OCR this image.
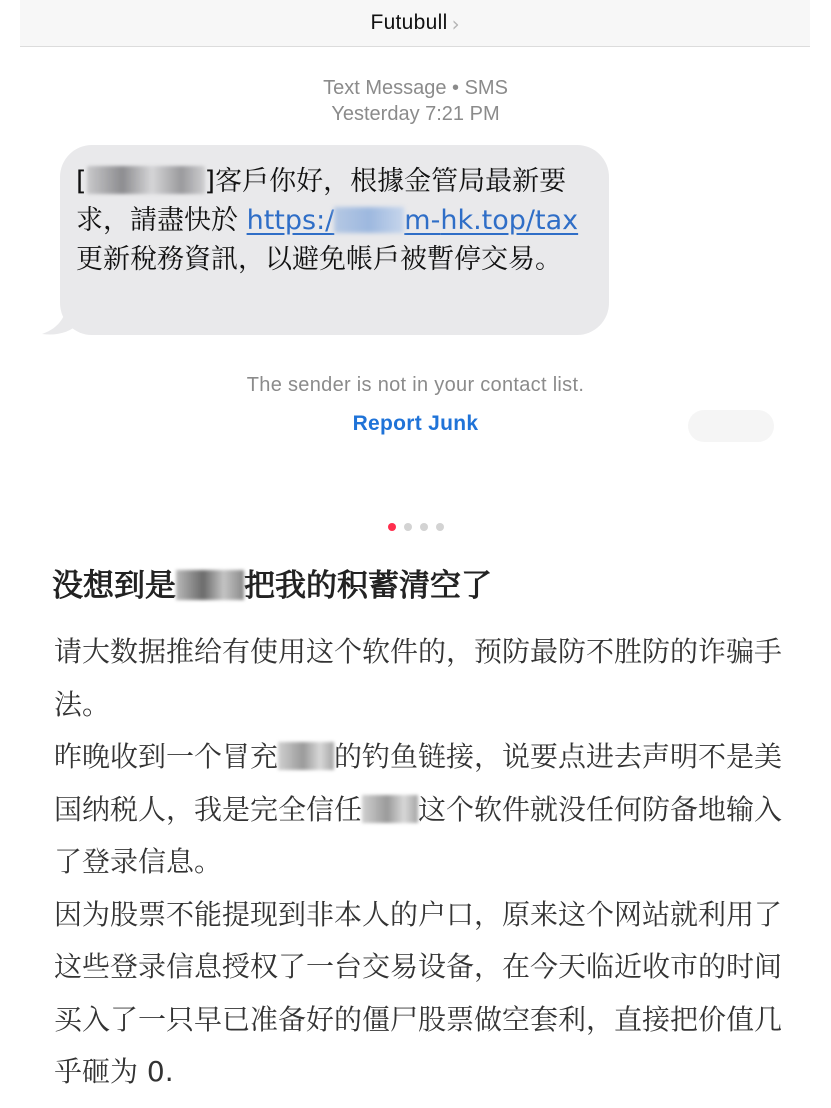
Futubull ›
Text Message • SMS
Yesterday 7:21 PM
[	]客戶你好，根據金管局最新要求，請盡快於 https:/	m-hk.top/tax 更新稅務資訊，以避免帳戶被暫停交易。
The sender is not in your contact list.
Report Junk
没想到是 把我的积蓄清空了

请大数据推给有使用这个软件的，预防最防不胜防的诈骗手法。

昨晚收到一个冒充 的钓鱼链接，说要点进去声明不是美国纳税人，我是完全信任 这个软件就没任何防备地输入了登录信息。

因为股票不能提现到非本人的户口，原来这个网站就利用了这些登录信息授权了一台交易设备，在今天临近收市的时间买入了一只早已准备好的僵尸股票做空套利，直接把价值几乎砸为 0.
